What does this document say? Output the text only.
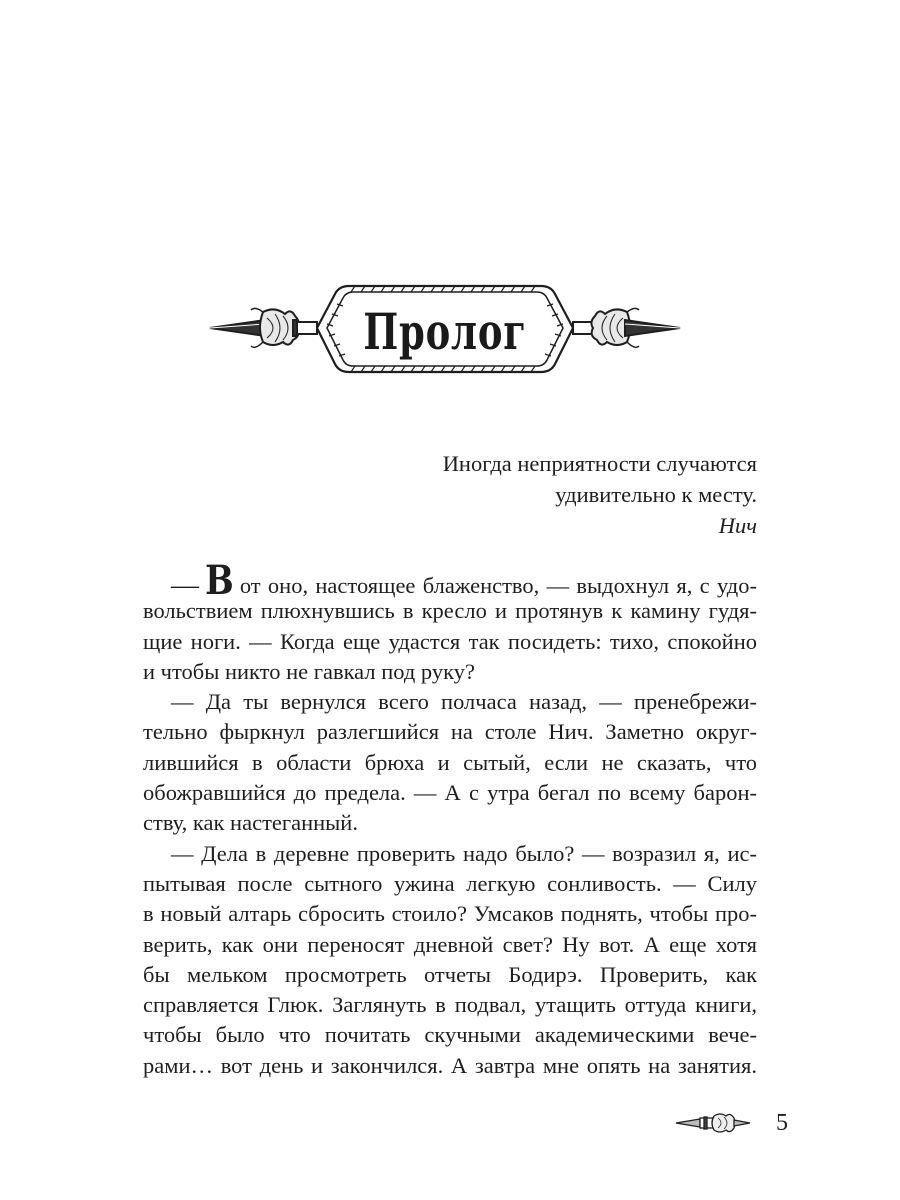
Пролог
Иногда неприятности случаются
удивительно к месту.
Нич
— В от оно, настоящее блаженство, — выдохнул я, с удо-
вольствием плюхнувшись в кресло и протянув к камину гудя-
щие ноги. — Когда еще удастся так посидеть: тихо, спокойно
и чтобы никто не гавкал под руку?
— Да ты вернулся всего полчаса назад, — пренебрежи-
тельно фыркнул разлегшийся на столе Нич. Заметно округ-
лившийся в области брюха и сытый, если не сказать, что
обожравшийся до предела. — А с утра бегал по всему барон-
ству, как настеганный.
— Дела в деревне проверить надо было? — возразил я, ис-
пытывая после сытного ужина легкую сонливость. — Силу
в новый алтарь сбросить стоило? Умсаков поднять, чтобы про-
верить, как они переносят дневной свет? Ну вот. А еще хотя
бы мельком просмотреть отчеты Бодирэ. Проверить, как
справляется Глюк. Заглянуть в подвал, утащить оттуда книги,
чтобы было что почитать скучными академическими вече-
рами… вот день и закончился. А завтра мне опять на занятия.
5
